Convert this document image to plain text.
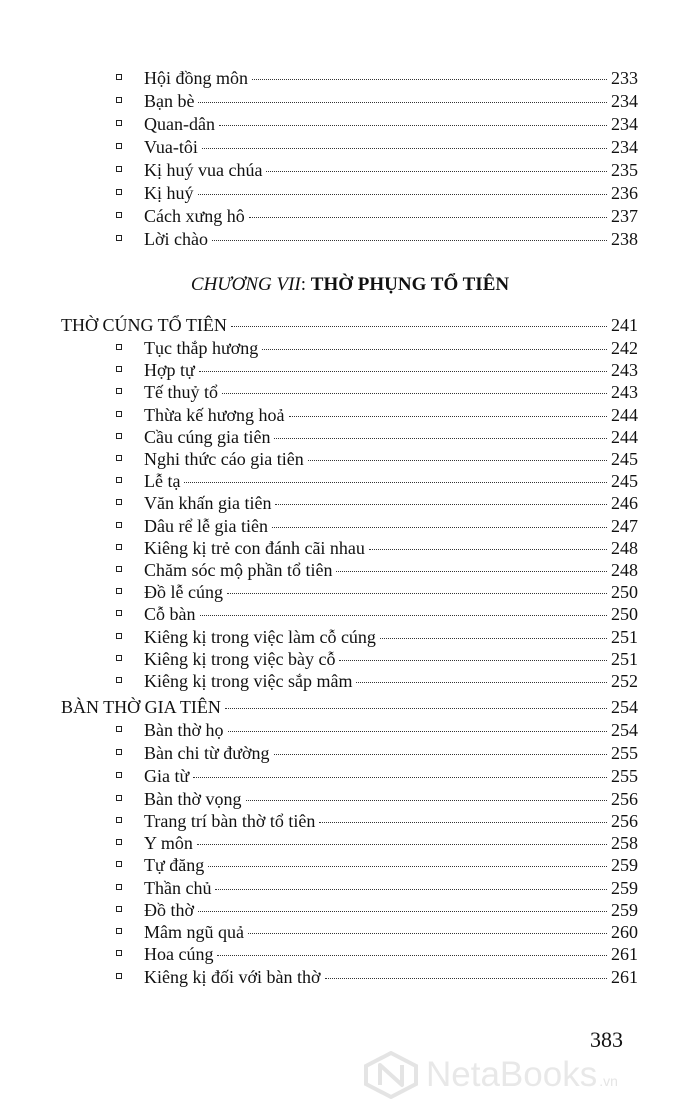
Hội đồng môn	233
Bạn bè	234
Quan-dân	234
Vua-tôi	234
Kị huý vua chúa	235
Kị huý	236
Cách xưng hô	237
Lời chào	238
CHƯƠNG VII: THỜ PHỤNG TỔ TIÊN
THỜ CÚNG TỔ TIÊN	241
Tục thắp hương	242
Hợp tự	243
Tế thuỷ tổ	243
Thừa kế hương hoả	244
Cầu cúng gia tiên	244
Nghi thức cáo gia tiên	245
Lễ tạ	245
Văn khấn gia tiên	246
Dâu rể lễ gia tiên	247
Kiêng kị trẻ con đánh cãi nhau	248
Chăm sóc mộ phần tổ tiên	248
Đồ lễ cúng	250
Cỗ bàn	250
Kiêng kị trong việc làm cỗ cúng	251
Kiêng kị trong việc bày cỗ	251
Kiêng kị trong việc sắp mâm	252
BÀN THỜ GIA TIÊN	254
Bàn thờ họ	254
Bàn chi từ đường	255
Gia từ	255
Bàn thờ vọng	256
Trang trí bàn thờ tổ tiên	256
Y môn	258
Tự đăng	259
Thần chủ	259
Đồ thờ	259
Mâm ngũ quả	260
Hoa cúng	261
Kiêng kị đối với bàn thờ	261
383
NetaBooks .vn
